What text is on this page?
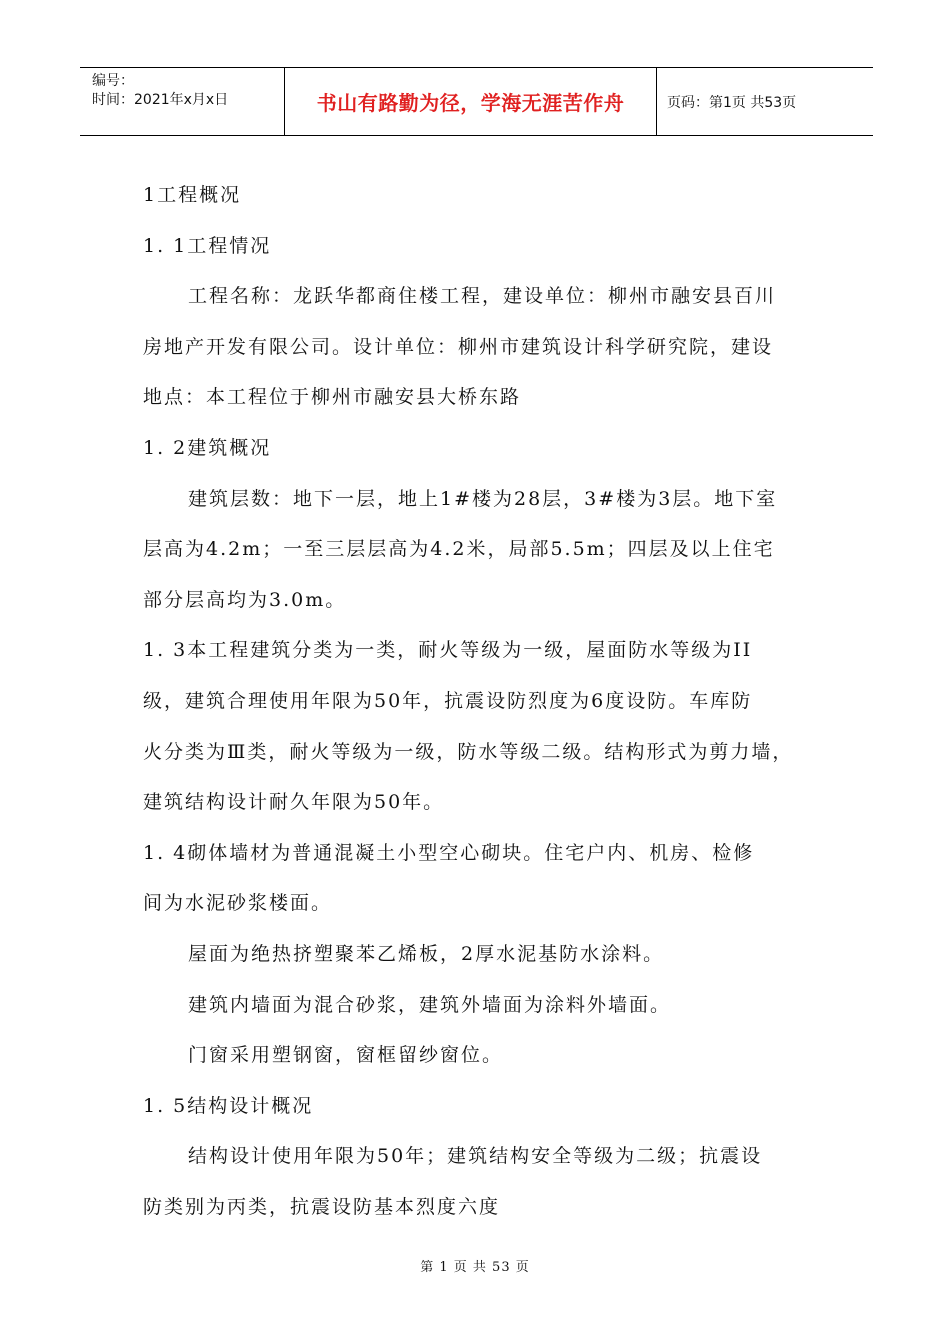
编号：
时间：2021年x月x日	书山有路勤为径，学海无涯苦作舟	页码：第1页 共53页

1工程概况

1. 1工程情况

工程名称：龙跃华都商住楼工程，建设单位：柳州市融安县百川

房地产开发有限公司。设计单位：柳州市建筑设计科学研究院，建设

地点：本工程位于柳州市融安县大桥东路

1. 2建筑概况

建筑层数：地下一层，地上1#楼为28层，3#楼为3层。地下室

层高为4.2m；一至三层层高为4.2米，局部5.5m；四层及以上住宅

部分层高均为3.0m。

1. 3本工程建筑分类为一类，耐火等级为一级，屋面防水等级为II

级，建筑合理使用年限为50年，抗震设防烈度为6度设防。车库防

火分类为Ⅲ类，耐火等级为一级，防水等级二级。结构形式为剪力墙，

建筑结构设计耐久年限为50年。

1. 4砌体墙材为普通混凝土小型空心砌块。住宅户内、机房、检修

间为水泥砂浆楼面。

屋面为绝热挤塑聚苯乙烯板，2厚水泥基防水涂料。

建筑内墙面为混合砂浆，建筑外墙面为涂料外墙面。

门窗采用塑钢窗，窗框留纱窗位。

1. 5结构设计概况

结构设计使用年限为50年；建筑结构安全等级为二级；抗震设

防类别为丙类，抗震设防基本烈度六度

第 1 页 共 53 页
